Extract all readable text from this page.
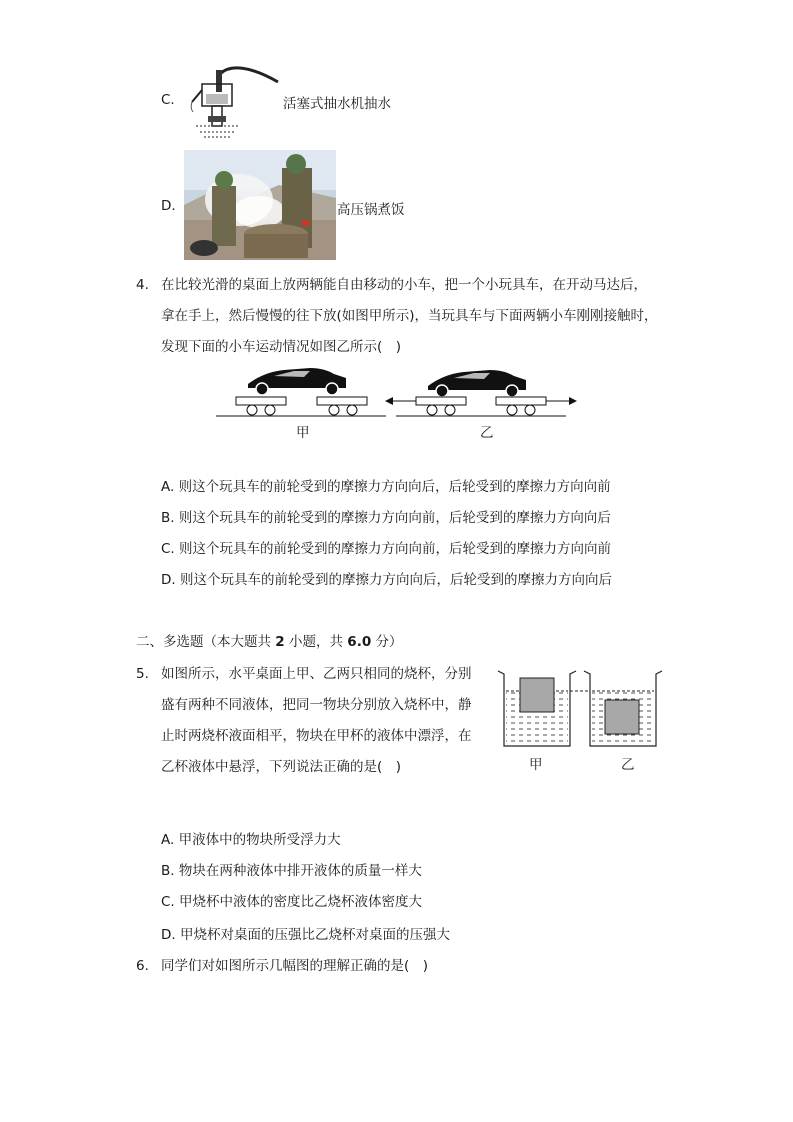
C.	活塞式抽水机抽水
D.	高压锅煮饭
4. 在比较光滑的桌面上放两辆能自由移动的小车，把一个小玩具车，在开动马达后，
拿在手上，然后慢慢的往下放(如图甲所示)，当玩具车与下面两辆小车刚刚接触时，
发现下面的小车运动情况如图乙所示(　)
甲	乙
A. 则这个玩具车的前轮受到的摩擦力方向向后，后轮受到的摩擦力方向向前
B. 则这个玩具车的前轮受到的摩擦力方向向前，后轮受到的摩擦力方向向后
C. 则这个玩具车的前轮受到的摩擦力方向向前，后轮受到的摩擦力方向向前
D. 则这个玩具车的前轮受到的摩擦力方向向后，后轮受到的摩擦力方向向后
二、多选题（本大题共 2 小题，共 6.0 分）
5. 如图所示，水平桌面上甲、乙两只相同的烧杯，分别
盛有两种不同液体，把同一物块分别放入烧杯中，静
止时两烧杯液面相平，物块在甲杯的液体中漂浮，在
乙杯液体中悬浮，下列说法正确的是(　)	甲	乙
A. 甲液体中的物块所受浮力大
B. 物块在两种液体中排开液体的质量一样大
C. 甲烧杯中液体的密度比乙烧杯液体密度大
D. 甲烧杯对桌面的压强比乙烧杯对桌面的压强大
6. 同学们对如图所示几幅图的理解正确的是(　)
